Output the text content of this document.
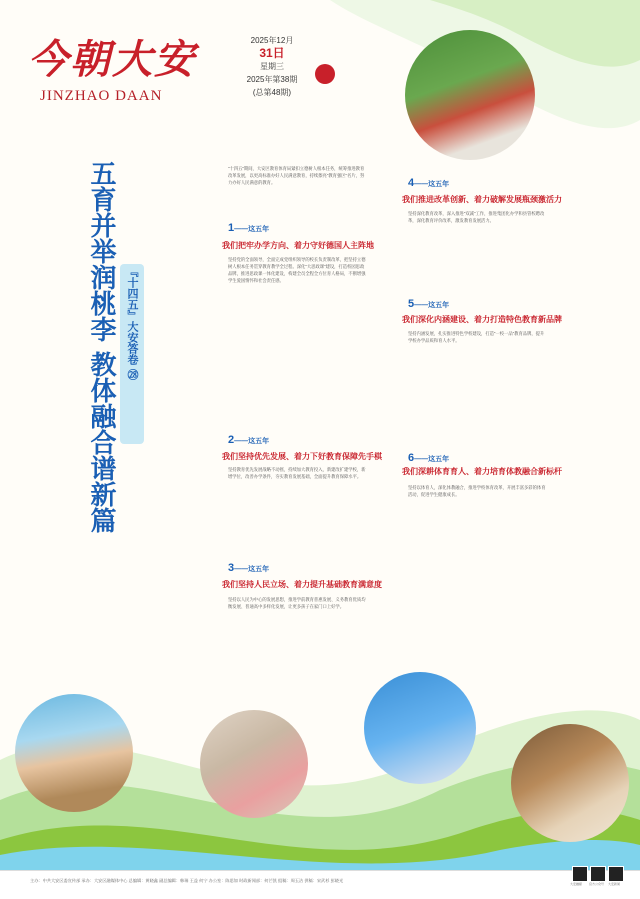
今朝大安
JINZHAO DAAN
2025年12月
31日
星期三
2025年第38期
(总第48期)
五育并举润桃李 教体融合谱新篇 『十四五』大安答卷 ㉘
"十四五"期间，大安区教育体育局紧扣立德树人根本任务，统筹推进教育改革发展，以更高标准办好人民满意教育，持续擦亮"教育强区"名片，努力办好人民满意的教育。
1——这五年
我们把牢办学方向、着力守好德国人主阵地
坚持党的全面领导，全面完成党组织领导的校长负责制改革，把坚持立德树人根本任务贯穿教育教学全过程。深化"大思政课"建设，打造校园思政品牌，推进思政课一体化建设，构建全员全程全方位育人格局，不断增强学生爱国情怀和社会责任感。
2——这五年
我们坚持优先发展、着力下好教育保障先手棋
坚持教育优先发展战略不动摇，持续加大教育投入，新建改扩建学校，新增学位，改善办学条件，夯实教育发展基础，全面提升教育保障水平。
3——这五年
我们坚持人民立场、着力提升基础教育满意度
坚持以人民为中心的发展思想，推进学前教育普惠发展、义务教育优质均衡发展、普通高中多样化发展，让更多孩子在家门口上好学。
4——这五年
我们推进改革创新、着力破解发展瓶颈激活力
坚持深化教育改革，深入推进"双减"工作，推进集团化办学和县管校聘改革，深化教育评价改革，激发教育发展活力。
5——这五年
我们深化内涵建设、着力打造特色教育新品牌
坚持内涵发展，扎实推进特色学校建设，打造"一校一品"教育品牌，提升学校办学品质和育人水平。
6——这五年
我们深耕体育育人、着力培育体教融合新标杆
坚持以体育人，深化体教融合，推进学校体育改革，开展丰富多彩的体育活动，促进学生健康成长。
主办：中共大安区委宣传部 承办：大安区融媒体中心 总编辑：黄晓鑫 副总编辑：韩瑞 王益 何宁 办公室：陈思如 时政新闻部：何芒凯 组稿：周玉洁 供稿：宋武杉 彭晓光
大安融媒 官方公众号 大安新闻
